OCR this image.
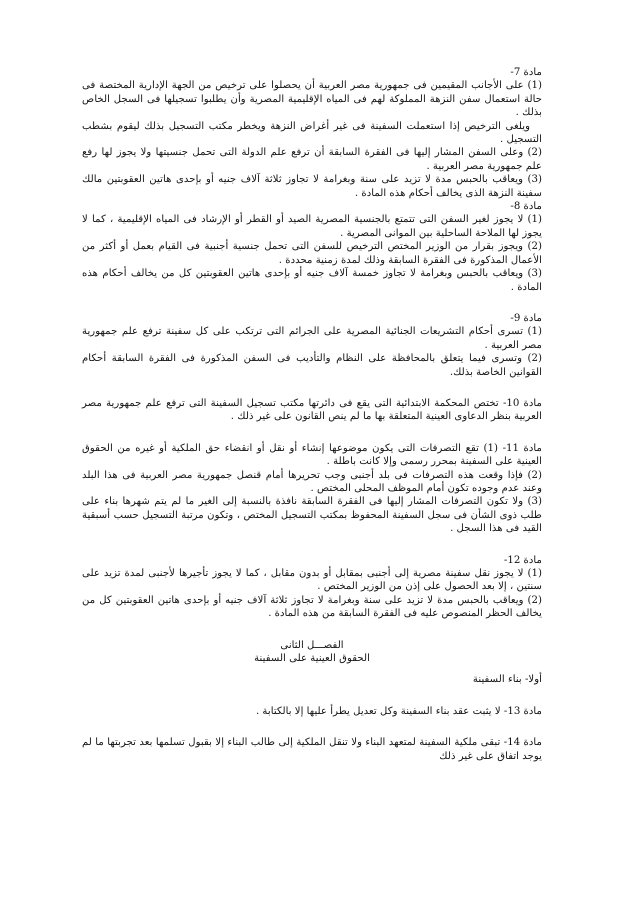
مادة 7-

(1) على الأجانب المقيمين فى جمهورية مصر العربية أن يحصلوا على ترخيص من الجهة الإدارية المختصة فى حالة استعمال سفن النزهة المملوكة لهم فى المياه الإقليمية المصرية وأن يطلبوا تسجيلها فى السجل الخاص بذلك .

ويلغى الترخيص إذا استعملت السفينة فى غير أغراض النزهة ويخطر مكتب التسجيل بذلك ليقوم بشطب التسجيل .

(2) وعلى السفن المشار إليها فى الفقرة السابقة أن ترفع علم الدولة التى تحمل جنسيتها ولا يجوز لها رفع علم جمهورية مصر العربية .

(3) ويعاقب بالحبس مدة لا تزيد على سنة وبغرامة لا تجاوز ثلاثة آلاف جنيه أو بإحدى هاتين العقوبتين مالك سفينة النزهة الذى يخالف أحكام هذه المادة .

مادة 8-

(1) لا يجوز لغير السفن التى تتمتع بالجنسية المصرية الصيد أو القطر أو الإرشاد فى المياه الإقليمية ، كما لا يجوز لها الملاحة الساحلية بين الموانى المصرية .

(2) ويجوز بقرار من الوزير المختص الترخيص للسفن التى تحمل جنسية أجنبية فى القيام بعمل أو أكثر من الأعمال المذكورة فى الفقرة السابقة وذلك لمدة زمنية محددة .

(3) ويعاقب بالحبس وبغرامة لا تجاوز خمسة آلاف جنيه أو بإحدى هاتين العقوبتين كل من يخالف أحكام هذه المادة .

مادة 9-

(1) تسرى أحكام التشريعات الجنائية المصرية على الجرائم التى ترتكب على كل سفينة ترفع علم جمهورية مصر العربية .

(2) وتسرى فيما يتعلق بالمحافظة على النظام والتأديب فى السفن المذكورة فى الفقرة السابقة أحكام القوانين الخاصة بذلك.

مادة 10- تختص المحكمة الابتدائية التى يقع فى دائرتها مكتب تسجيل السفينة التى ترفع علم جمهورية مصر العربية بنظر الدعاوى العينية المتعلقة بها ما لم ينص القانون على غير ذلك .

مادة 11- (1) تقع التصرفات التى يكون موضوعها إنشاء أو نقل أو انقضاء حق الملكية أو غيره من الحقوق العينية على السفينة بمحرر رسمى وإلا كانت باطلة .

(2) فإذا وقعت هذه التصرفات فى بلد أجنبى وجب تحريرها أمام قنصل جمهورية مصر العربية فى هذا البلد وعند عدم وجوده تكون أمام الموظف المحلى المختص .

(3) ولا تكون التصرفات المشار إليها فى الفقرة السابقة نافذة بالنسبة إلى الغير ما لم يتم شهرها بناء على طلب ذوى الشأن فى سجل السفينة المحفوظ بمكتب التسجيل المختص ، وتكون مرتبة التسجيل حسب أسبقية القيد فى هذا السجل .

مادة 12-

(1) لا يجوز نقل سفينة مصرية إلى أجنبى بمقابل أو بدون مقابل ، كما لا يجوز تأجيرها لأجنبى لمدة تزيد على سنتين ، إلا بعد الحصول على إذن من الوزير المختص .

(2) ويعاقب بالحبس مدة لا تزيد على سنة وبغرامة لا تجاوز ثلاثة آلاف جنيه أو بإحدى هاتين العقوبتين كل من يخالف الحظر المنصوص عليه فى الفقرة السابقة من هذه المادة .

الفصـــل الثانى

الحقوق العينية على السفينة

أولا- بناء السفينة

مادة 13- لا يثبت عقد بناء السفينة وكل تعديل يطرأ عليها إلا بالكتابة .

مادة 14- تبقى ملكية السفينة لمتعهد البناء ولا تنقل الملكية إلى طالب البناء إلا بقبول تسلمها بعد تجربتها ما لم يوجد اتفاق على غير ذلك
